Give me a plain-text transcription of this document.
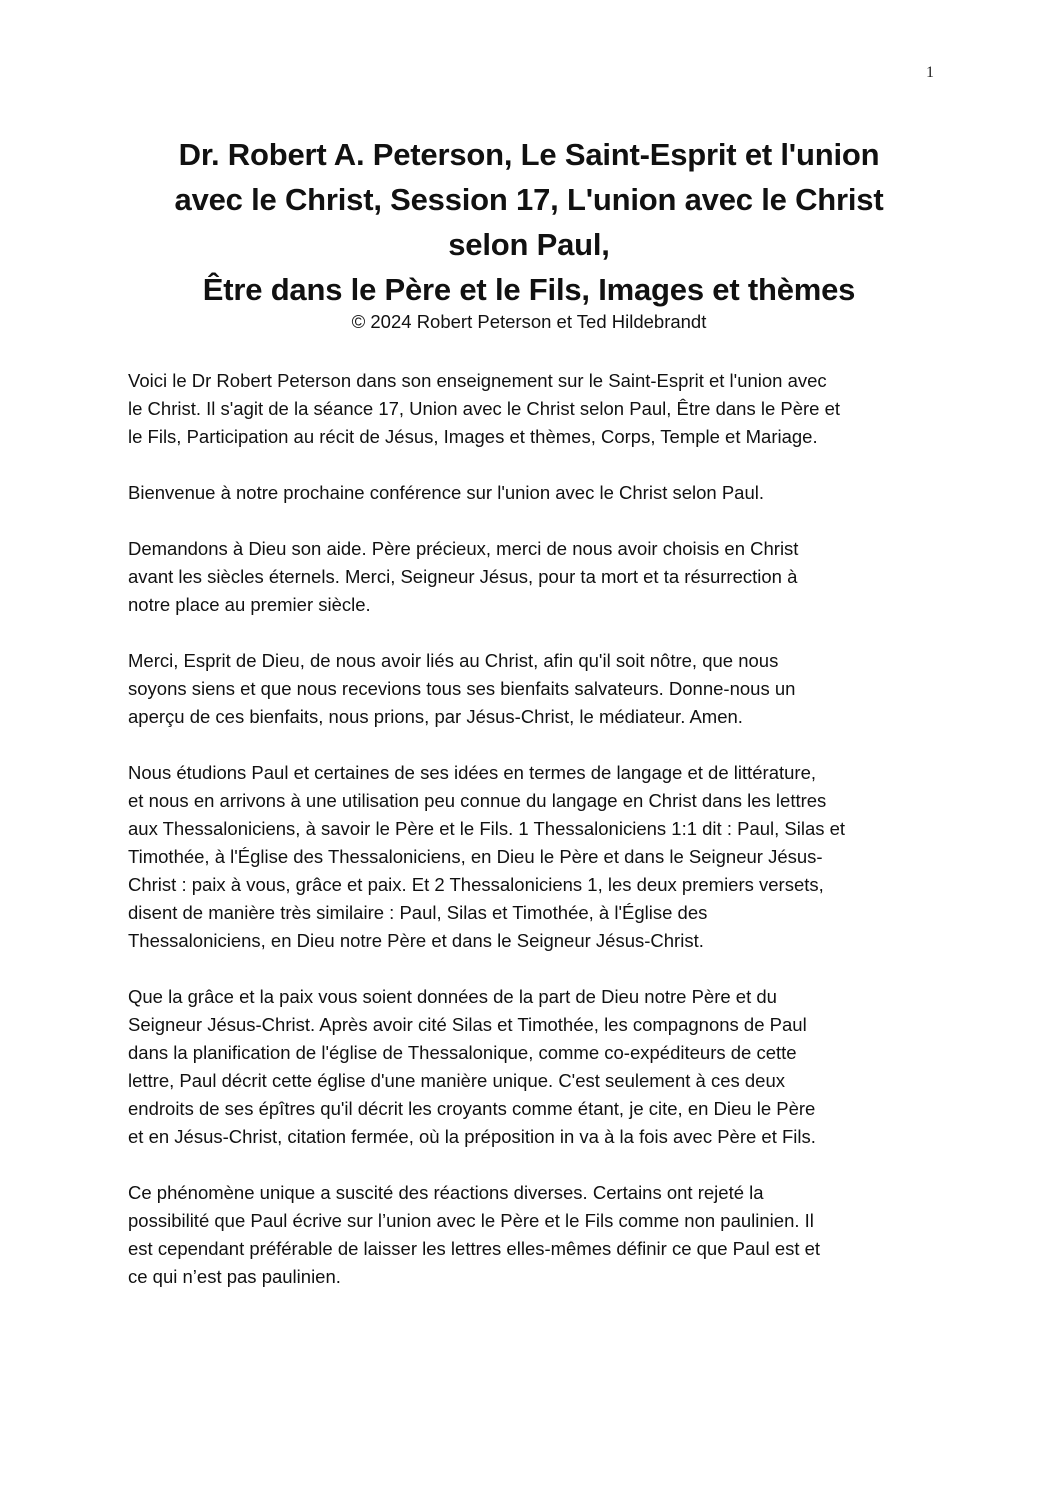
1
Dr. Robert A. Peterson, Le Saint-Esprit et l'union
avec le Christ, Session 17, L'union avec le Christ
selon Paul,
Être dans le Père et le Fils, Images et thèmes
© 2024 Robert Peterson et Ted Hildebrandt
Voici le Dr Robert Peterson dans son enseignement sur le Saint-Esprit et l'union avec
le Christ. Il s'agit de la séance 17, Union avec le Christ selon Paul, Être dans le Père et
le Fils, Participation au récit de Jésus, Images et thèmes, Corps, Temple et Mariage.
Bienvenue à notre prochaine conférence sur l'union avec le Christ selon Paul.
Demandons à Dieu son aide. Père précieux, merci de nous avoir choisis en Christ
avant les siècles éternels. Merci, Seigneur Jésus, pour ta mort et ta résurrection à
notre place au premier siècle.
Merci, Esprit de Dieu, de nous avoir liés au Christ, afin qu'il soit nôtre, que nous
soyons siens et que nous recevions tous ses bienfaits salvateurs. Donne-nous un
aperçu de ces bienfaits, nous prions, par Jésus-Christ, le médiateur. Amen.
Nous étudions Paul et certaines de ses idées en termes de langage et de littérature,
et nous en arrivons à une utilisation peu connue du langage en Christ dans les lettres
aux Thessaloniciens, à savoir le Père et le Fils. 1 Thessaloniciens 1:1 dit : Paul, Silas et
Timothée, à l'Église des Thessaloniciens, en Dieu le Père et dans le Seigneur Jésus-
Christ : paix à vous, grâce et paix. Et 2 Thessaloniciens 1, les deux premiers versets,
disent de manière très similaire : Paul, Silas et Timothée, à l'Église des
Thessaloniciens, en Dieu notre Père et dans le Seigneur Jésus-Christ.
Que la grâce et la paix vous soient données de la part de Dieu notre Père et du
Seigneur Jésus-Christ. Après avoir cité Silas et Timothée, les compagnons de Paul
dans la planification de l'église de Thessalonique, comme co-expéditeurs de cette
lettre, Paul décrit cette église d'une manière unique. C'est seulement à ces deux
endroits de ses épîtres qu'il décrit les croyants comme étant, je cite, en Dieu le Père
et en Jésus-Christ, citation fermée, où la préposition in va à la fois avec Père et Fils.
Ce phénomène unique a suscité des réactions diverses. Certains ont rejeté la
possibilité que Paul écrive sur l’union avec le Père et le Fils comme non paulinien. Il
est cependant préférable de laisser les lettres elles-mêmes définir ce que Paul est et
ce qui n’est pas paulinien.
